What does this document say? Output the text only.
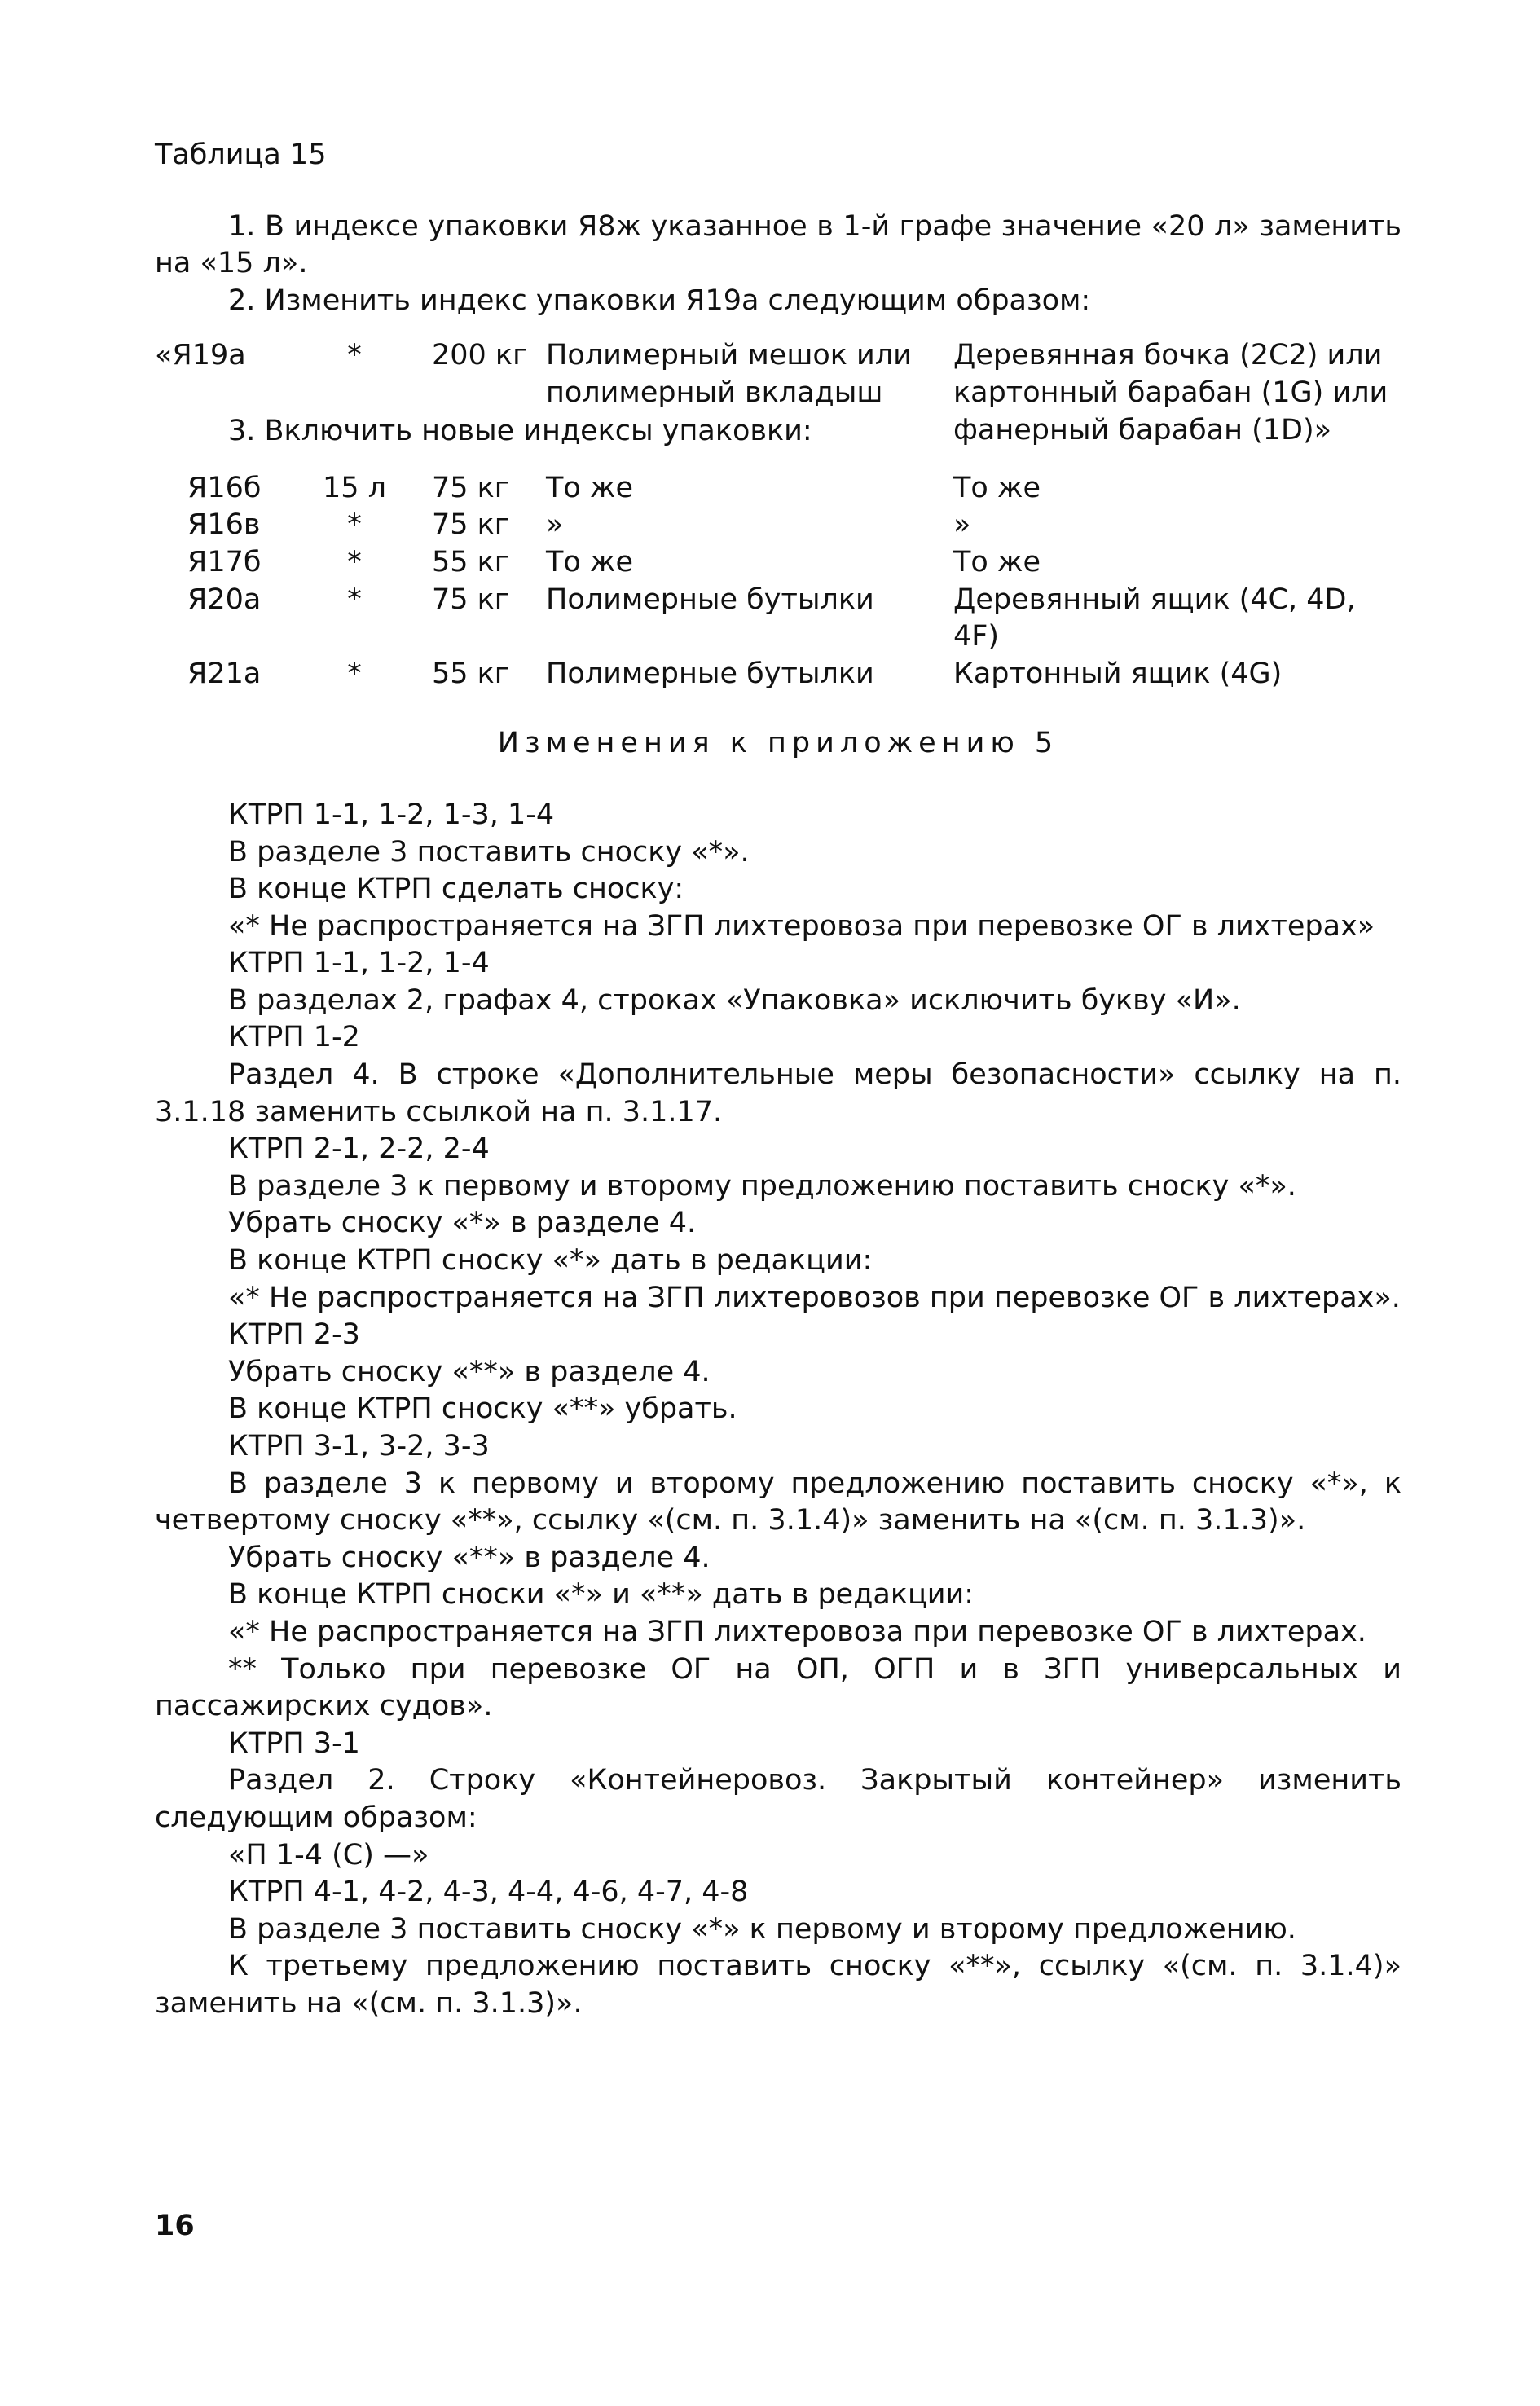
Таблица 15

1. В индексе упаковки Я8ж указанное в 1-й графе значение «20 л» заменить на «15 л».

2. Изменить индекс упаковки Я19а следующим образом:

«Я19а	*	200 кг	Полимерный мешок или полимерный вкладыш	Деревянная бочка (2С2) или картонный барабан (1G) или фанерный барабан (1D)»

3. Включить новые индексы упаковки:

Я16б	15 л	75 кг	То же	То же
Я16в	*	75 кг	»	»
Я17б	*	55 кг	То же	То же
Я20а	*	75 кг	Полимерные бутылки	Деревянный ящик (4С, 4D, 4F)
Я21а	*	55 кг	Полимерные бутылки	Картонный ящик (4G)
Изменения к приложению 5

КТРП 1-1, 1-2, 1-3, 1-4

В разделе 3 поставить сноску «*».

В конце КТРП сделать сноску:

«* Не распространяется на ЗГП лихтеровоза при перевозке ОГ в лихтерах»

КТРП 1-1, 1-2, 1-4

В разделах 2, графах 4, строках «Упаковка» исключить букву «И».

КТРП 1-2

Раздел 4. В строке «Дополнительные меры безопасности» ссылку на п. 3.1.18 заменить ссылкой на п. 3.1.17.

КТРП 2-1, 2-2, 2-4

В разделе 3 к первому и второму предложению поставить сноску «*».

Убрать сноску «*» в разделе 4.

В конце КТРП сноску «*» дать в редакции:

«* Не распространяется на ЗГП лихтеровозов при перевозке ОГ в лихтерах».

КТРП 2-3

Убрать сноску «**» в разделе 4.

В конце КТРП сноску «**» убрать.

КТРП 3-1, 3-2, 3-3

В разделе 3 к первому и второму предложению поставить сноску «*», к четвертому сноску «**», ссылку «(см. п. 3.1.4)» заменить на «(см. п. 3.1.3)».

Убрать сноску «**» в разделе 4.

В конце КТРП сноски «*» и «**» дать в редакции:

«* Не распространяется на ЗГП лихтеровоза при перевозке ОГ в лихтерах.

** Только при перевозке ОГ на ОП, ОГП и в ЗГП универсальных и пассажирских судов».

КТРП 3-1

Раздел 2. Строку «Контейнеровоз. Закрытый контейнер» изменить следующим образом:

«П 1-4 (С) —»

КТРП 4-1, 4-2, 4-3, 4-4, 4-6, 4-7, 4-8

В разделе 3 поставить сноску «*» к первому и второму предложению.

К третьему предложению поставить сноску «**», ссылку «(см. п. 3.1.4)» заменить на «(см. п. 3.1.3)».

16
